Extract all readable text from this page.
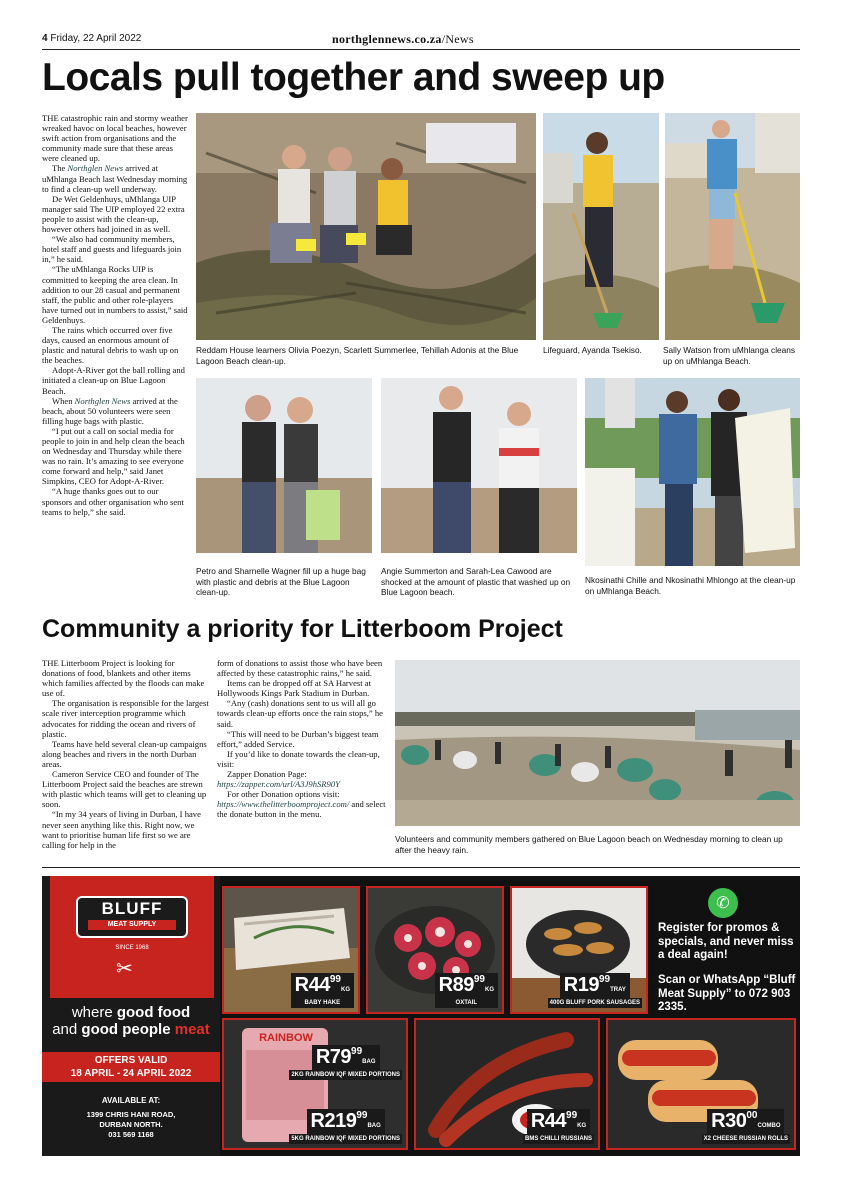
4 Friday, 22 April 2022	northglennews.co.za/News
Locals pull together and sweep up

THE catastrophic rain and stormy weather wreaked havoc on local beaches, however swift action from organisations and the community made sure that these areas were cleaned up.

The Northglen News arrived at uMhlanga Beach last Wednesday morning to find a clean-up well underway.

De Wet Geldenhuys, uMhlanga UIP manager said The UIP employed 22 extra people to assist with the clean-up, however others had joined in as well.

“We also had community members, hotel staff and guests and lifeguards join in,” he said.

“The uMhlanga Rocks UIP is committed to keeping the area clean. In addition to our 28 casual and permanent staff, the public and other role-players have turned out in numbers to assist,” said Geldenhuys.

The rains which occurred over five days, caused an enormous amount of plastic and natural debris to wash up on the beaches.

Adopt-A-River got the ball rolling and initiated a clean-up on Blue Lagoon Beach.

When Northglen News arrived at the beach, about 50 volunteers were seen filling huge bags with plastic.

“I put out a call on social media for people to join in and help clean the beach on Wednesday and Thursday while there was no rain. It’s amazing to see everyone come forward and help,” said Janet Simpkins, CEO for Adopt-A-River.

“A huge thanks goes out to our sponsors and other organisation who sent teams to help,” she said.

Reddam House learners Olivia Poezyn, Scarlett Summerlee, Tehillah Adonis at the Blue Lagoon Beach clean-up.
Lifeguard, Ayanda Tsekiso.	Sally Watson from uMhlanga cleans up on uMhlanga Beach.
Petro and Sharnelle Wagner fill up a huge bag with plastic and debris at the Blue Lagoon clean-up.
Angie Summerton and Sarah-Lea Cawood are shocked at the amount of plastic that washed up on Blue Lagoon beach.
Nkosinathi Chille and Nkosinathi Mhlongo at the clean-up on uMhlanga Beach.
Community a priority for Litterboom Project

THE Litterboom Project is looking for donations of food, blankets and other items which families affected by the floods can make use of.

The organisation is responsible for the largest scale river interception programme which advocates for ridding the ocean and rivers of plastic.

Teams have held several clean-up campaigns along beaches and rivers in the north Durban areas.

Cameron Service CEO and founder of The Litterboom Project said the beaches are strewn with plastic which teams will get to cleaning up soon.

“In my 34 years of living in Durban, I have never seen anything like this. Right now, we want to prioritise human life first so we are calling for help in the

form of donations to assist those who have been affected by these catastrophic rains,” he said.

Items can be dropped off at SA Harvest at Hollywoods Kings Park Stadium in Durban.

“Any (cash) donations sent to us will all go towards clean-up efforts once the rain stops,” he said.

“This will need to be Durban’s biggest team effort,” added Service.

If you’d like to donate towards the clean-up, visit:

Zapper Donation Page: https://zapper.com/url/A3J9hSR90Y

For other Donation options visit: https://www.thelitterboomproject.com/ and select the donate button in the menu.

Volunteers and community members gathered on Blue Lagoon beach on Wednesday morning to clean up after the heavy rain.
BLUFF
MEAT SUPPLY
SINCE 1968
✂
where good food
and good people meat
OFFERS VALID
18 APRIL - 24 APRIL 2022
AVAILABLE AT:
1399 CHRIS HANI ROAD,
DURBAN NORTH.
031 569 1168
$R44^{99}KG$
BABY HAKE
$R89^{99}KG$
OXTAIL
$R19^{99}TRAY$
400G BLUFF PORK SAUSAGES
✆
Register for promos & specials, and never miss a deal again!
Scan or WhatsApp “Bluff Meat Supply” to 072 903 2335.
RAINBOW
$R79^{99}BAG$
2KG RAINBOW IQF MIXED PORTIONS
$R219^{99}BAG$
5KG RAINBOW IQF MIXED PORTIONS
$R44^{99}KG$
BMS CHILLI RUSSIANS
$R30^{00}COMBO$
X2 CHEESE RUSSIAN ROLLS
